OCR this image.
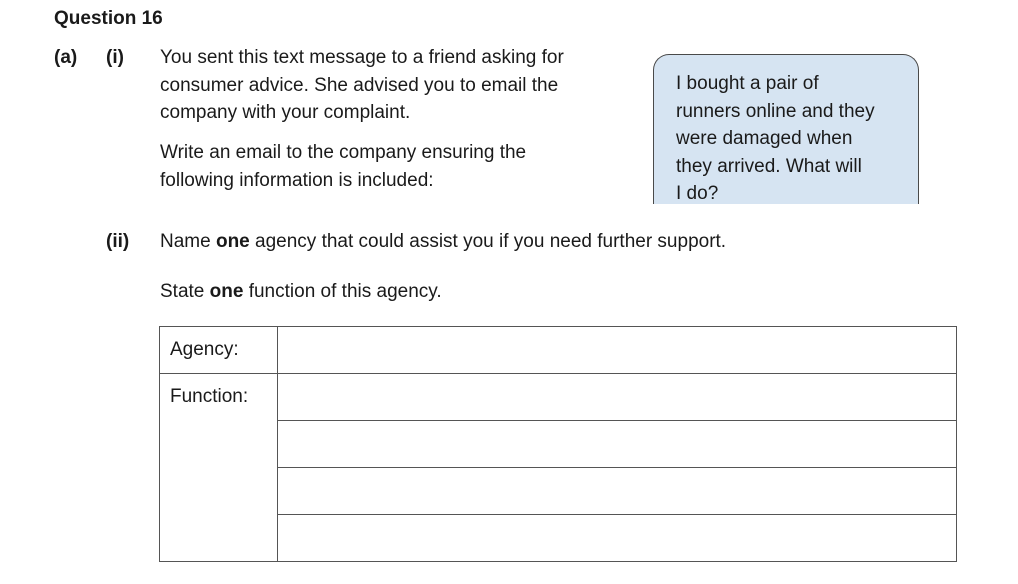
Question 16
(a) (i) You sent this text message to a friend asking for
consumer advice. She advised you to email the
company with your complaint.
Write an email to the company ensuring the
following information is included:
I bought a pair of
runners online and they
were damaged when
they arrived. What will
I do?
(ii) Name one agency that could assist you if you need further support.
State one function of this agency.
Agency:	
Function:	
